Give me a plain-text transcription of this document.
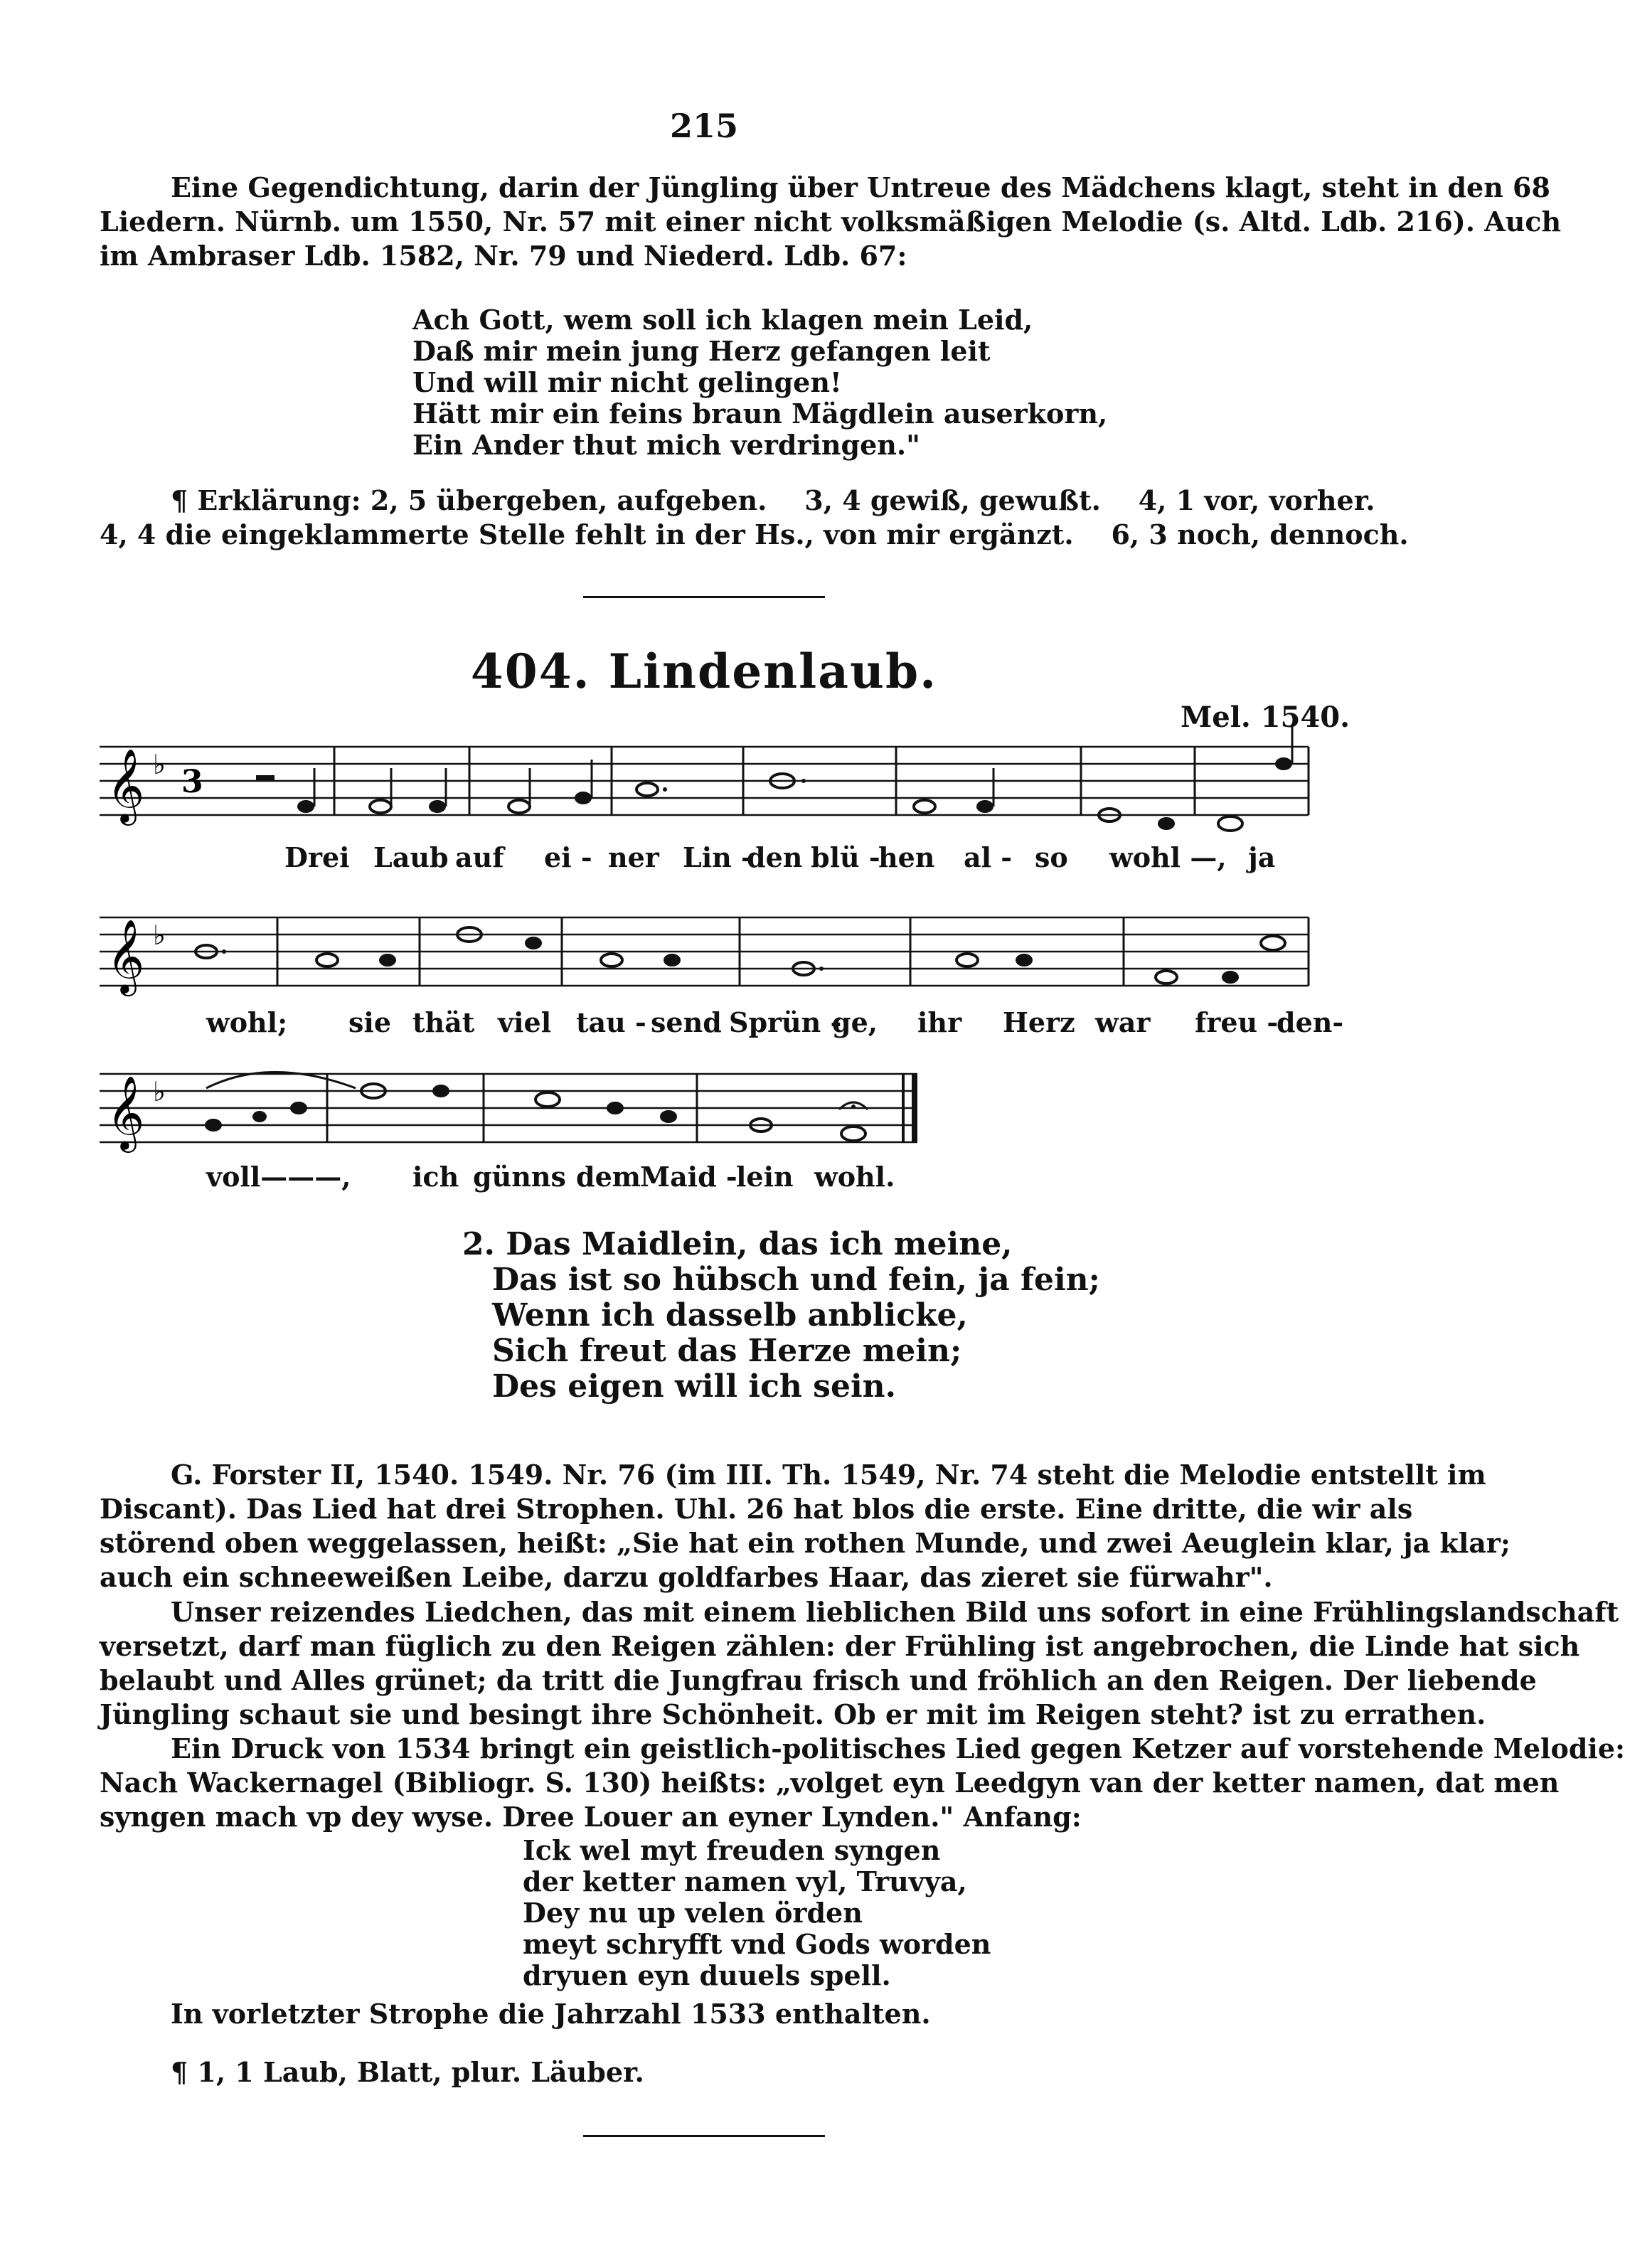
215
Eine Gegendichtung, darin der Jüngling über Untreue des Mädchens klagt, steht in den 68
Liedern. Nürnb. um 1550, Nr. 57 mit einer nicht volksmäßigen Melodie (s. Altd. Ldb. 216). Auch
im Ambraser Ldb. 1582, Nr. 79 und Niederd. Ldb. 67:
Ach Gott, wem soll ich klagen mein Leid,
Daß mir mein jung Herz gefangen leit
Und will mir nicht gelingen!
Hätt mir ein feins braun Mägdlein auserkorn,
Ein Ander thut mich verdringen."
¶ Erklärung: 2, 5 übergeben, aufgeben.    3, 4 gewiß, gewußt.    4, 1 vor, vorher.
4, 4 die eingeklammerte Stelle fehlt in der Hs., von mir ergänzt.    6, 3 noch, dennoch.
404. Lindenlaub.
Mel. 1540.
𝄞 ♭ 3
Drei Laub auf ei - ner Lin -
den blü -
hen al - so wohl —, ja
𝄞 ♭
wohl; sie thät viel tau - send Sprün -
ge, ihr Herz war freu -
den-
𝄞 ♭
voll———, ich günns dem Maid -
lein wohl.
2. Das Maidlein, das ich meine,
Das ist so hübsch und fein, ja fein;
Wenn ich dasselb anblicke,
Sich freut das Herze mein;
Des eigen will ich sein.
G. Forster II, 1540. 1549. Nr. 76 (im III. Th. 1549, Nr. 74 steht die Melodie entstellt im
Discant). Das Lied hat drei Strophen. Uhl. 26 hat blos die erste. Eine dritte, die wir als
störend oben weggelassen, heißt: „Sie hat ein rothen Munde, und zwei Aeuglein klar, ja klar;
auch ein schneeweißen Leibe, darzu goldfarbes Haar, das zieret sie fürwahr".
Unser reizendes Liedchen, das mit einem lieblichen Bild uns sofort in eine Frühlingslandschaft
versetzt, darf man füglich zu den Reigen zählen: der Frühling ist angebrochen, die Linde hat sich
belaubt und Alles grünet; da tritt die Jungfrau frisch und fröhlich an den Reigen. Der liebende
Jüngling schaut sie und besingt ihre Schönheit. Ob er mit im Reigen steht? ist zu errathen.
Ein Druck von 1534 bringt ein geistlich-politisches Lied gegen Ketzer auf vorstehende Melodie:
Nach Wackernagel (Bibliogr. S. 130) heißts: „volget eyn Leedgyn van der ketter namen, dat men
syngen mach vp dey wyse. Dree Louer an eyner Lynden." Anfang:
Ick wel myt freuden syngen
der ketter namen vyl, Truvya,
Dey nu up velen örden
meyt schryfft vnd Gods worden
dryuen eyn duuels spell.
In vorletzter Strophe die Jahrzahl 1533 enthalten.
¶ 1, 1 Laub, Blatt, plur. Läuber.
